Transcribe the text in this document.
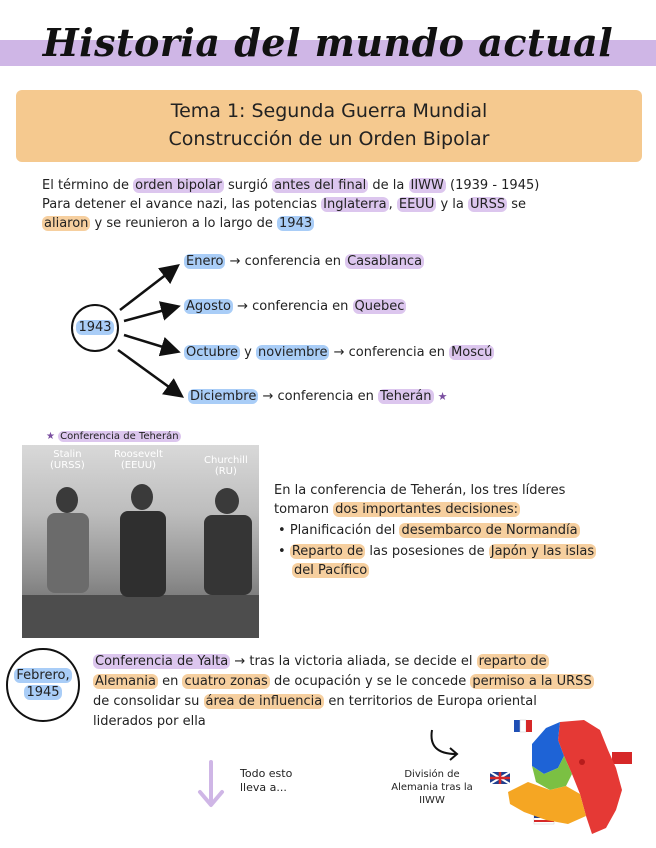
Historia del mundo actual
Tema 1: Segunda Guerra Mundial
Construcción de un Orden Bipolar
El término de orden bipolar surgió antes del final de la IIWW (1939 - 1945)
Para detener el avance nazi, las potencias Inglaterra , EEUU y la URSS se
aliaron y se reunieron a lo largo de 1943
1943
Enero → conferencia en Casablanca
Agosto → conferencia en Quebec
Octubre y noviembre → conferencia en Moscú
Diciembre → conferencia en Teherán ★
★ Conferencia de Teherán
Stalin
(URSS)
Roosevelt
(EEUU)	Churchill
(RU)
En la conferencia de Teherán, los tres líderes
tomaron dos importantes decisiones:
• Planificación del desembarco de Normandía
• Reparto de las posesiones de Japón y las islas
del Pacífico
Febrero,
1945
Conferencia de Yalta → tras la victoria aliada, se decide el reparto de
Alemania en cuatro zonas de ocupación y se le concede permiso a la URSS
de consolidar su área de influencia en territorios de Europa oriental
liderados por ella
Todo esto
lleva a...
División de
Alemania tras la
IIWW
